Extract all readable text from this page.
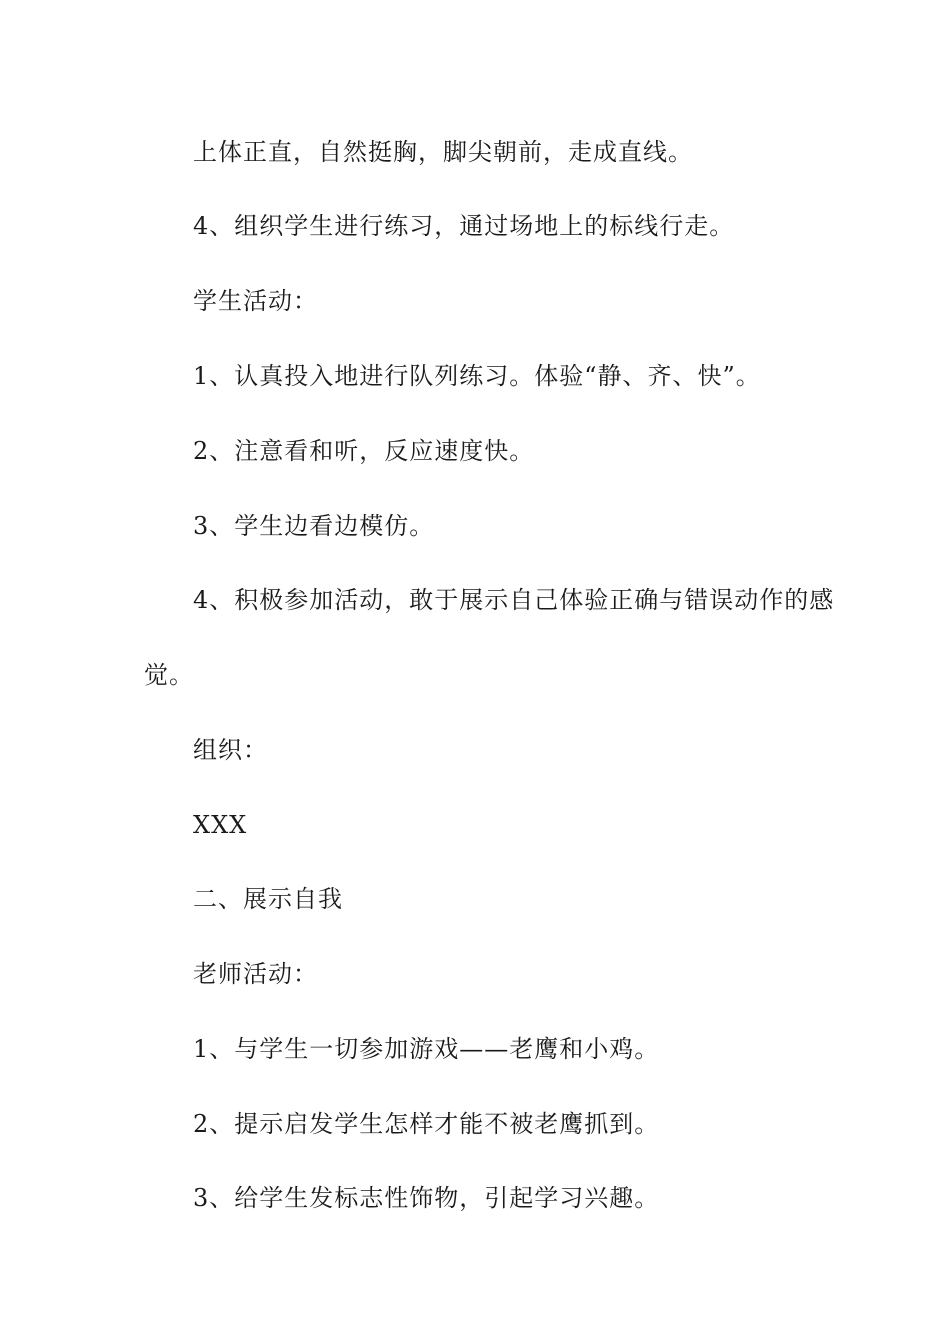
上体正直，自然挺胸，脚尖朝前，走成直线。
4、组织学生进行练习，通过场地上的标线行走。
学生活动：
1、认真投入地进行队列练习。体验“静、齐、快”。
2、注意看和听，反应速度快。
3、学生边看边模仿。
4、积极参加活动，敢于展示自己体验正确与错误动作的感
觉。
组织：
XXX
二、展示自我
老师活动：
1、与学生一切参加游戏——老鹰和小鸡。
2、提示启发学生怎样才能不被老鹰抓到。
3、给学生发标志性饰物，引起学习兴趣。
